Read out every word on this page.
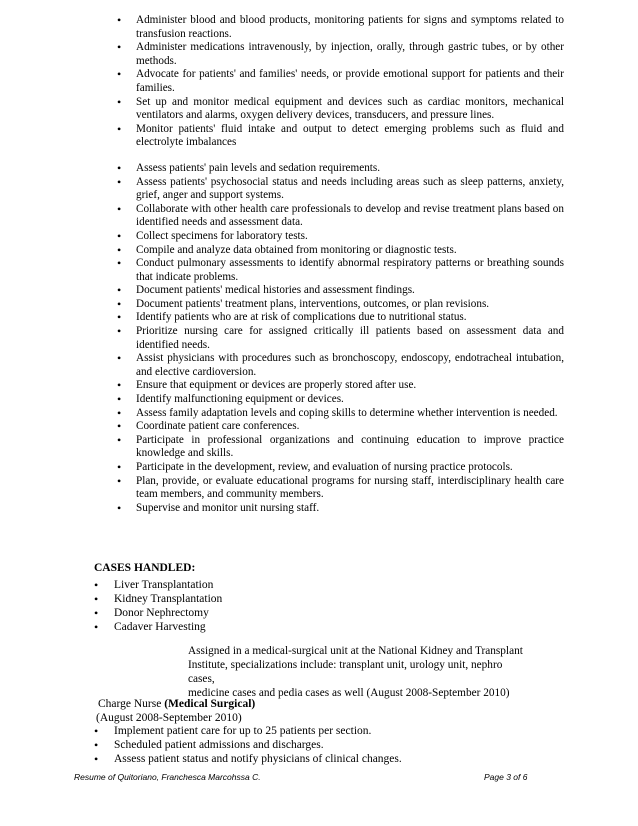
• Administer blood and blood products, monitoring patients for signs and symptoms related to transfusion reactions.
• Administer medications intravenously, by injection, orally, through gastric tubes, or by other methods.
• Advocate for patients' and families' needs, or provide emotional support for patients and their families.
• Set up and monitor medical equipment and devices such as cardiac monitors, mechanical ventilators and alarms, oxygen delivery devices, transducers, and pressure lines.
• Monitor patients' fluid intake and output to detect emerging problems such as fluid and electrolyte imbalances
• Assess patients' pain levels and sedation requirements.
• Assess patients' psychosocial status and needs including areas such as sleep patterns, anxiety, grief, anger and support systems.
• Collaborate with other health care professionals to develop and revise treatment plans based on identified needs and assessment data.
• Collect specimens for laboratory tests.
• Compile and analyze data obtained from monitoring or diagnostic tests.
• Conduct pulmonary assessments to identify abnormal respiratory patterns or breathing sounds that indicate problems.
• Document patients' medical histories and assessment findings.
• Document patients' treatment plans, interventions, outcomes, or plan revisions.
• Identify patients who are at risk of complications due to nutritional status.
• Prioritize nursing care for assigned critically ill patients based on assessment data and identified needs.
• Assist physicians with procedures such as bronchoscopy, endoscopy, endotracheal intubation, and elective cardioversion.
• Ensure that equipment or devices are properly stored after use.
• Identify malfunctioning equipment or devices.
• Assess family adaptation levels and coping skills to determine whether intervention is needed.
• Coordinate patient care conferences.
• Participate in professional organizations and continuing education to improve practice knowledge and skills.
• Participate in the development, review, and evaluation of nursing practice protocols.
• Plan, provide, or evaluate educational programs for nursing staff, interdisciplinary health care team members, and community members.
• Supervise and monitor unit nursing staff.
CASES HANDLED:
• Liver Transplantation
• Kidney Transplantation
• Donor Nephrectomy
• Cadaver Harvesting
Assigned in a medical-surgical unit at the National Kidney and Transplant
Institute, specializations include: transplant unit, urology unit, nephro cases,
medicine cases and pedia cases as well (August 2008-September 2010)
Charge Nurse (Medical Surgical)
(August 2008-September 2010)
• Implement patient care for up to 25 patients per section.
• Scheduled patient admissions and discharges.
• Assess patient status and notify physicians of clinical changes.
Resume of Quitoriano, Franchesca Marcohssa C.	Page 3 of 6
